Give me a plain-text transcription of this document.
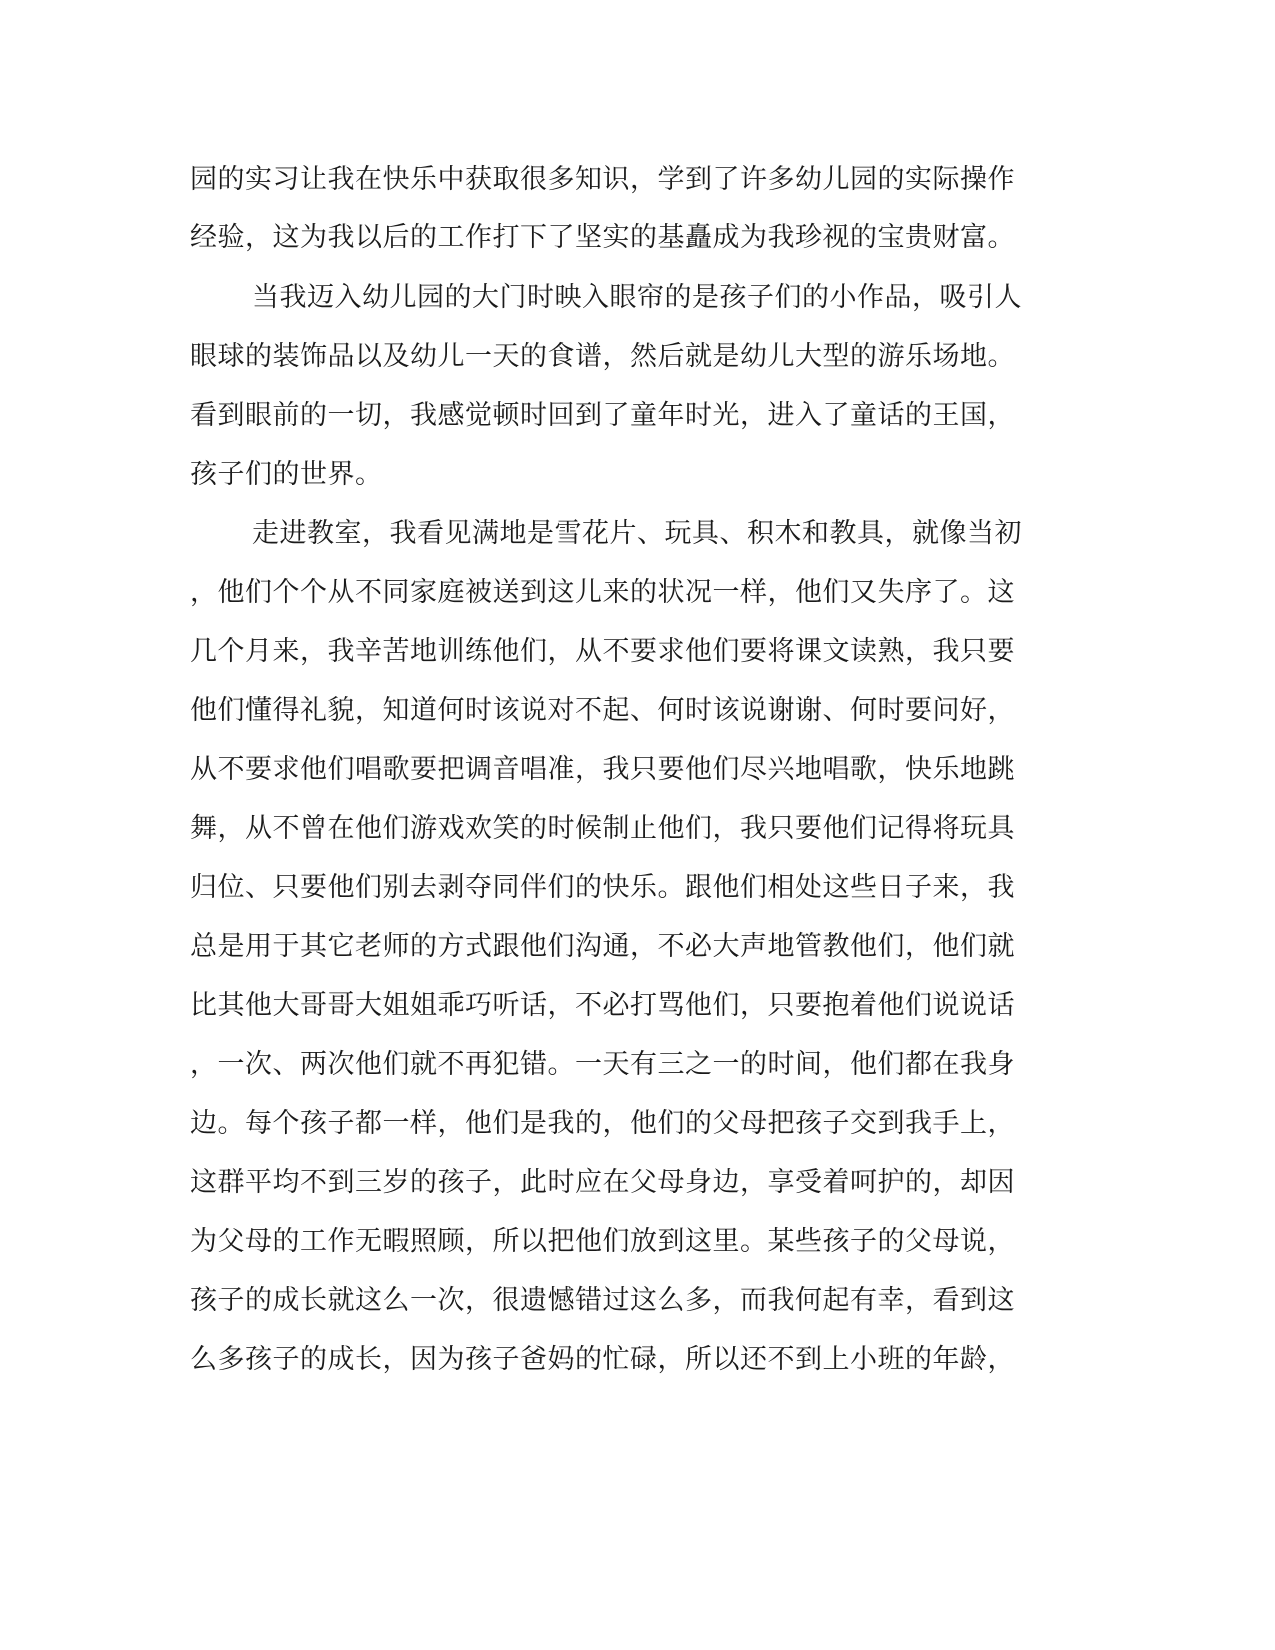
园的实习让我在快乐中获取很多知识，学到了许多幼儿园的实际操作
经验，这为我以后的工作打下了坚实的基矗成为我珍视的宝贵财富。
当我迈入幼儿园的大门时映入眼帘的是孩子们的小作品，吸引人
眼球的装饰品以及幼儿一天的食谱，然后就是幼儿大型的游乐场地。
看到眼前的一切，我感觉顿时回到了童年时光，进入了童话的王国，
孩子们的世界。
走进教室，我看见满地是雪花片、玩具、积木和教具，就像当初
，他们个个从不同家庭被送到这儿来的状况一样，他们又失序了。这
几个月来，我辛苦地训练他们，从不要求他们要将课文读熟，我只要
他们懂得礼貌，知道何时该说对不起、何时该说谢谢、何时要问好，
从不要求他们唱歌要把调音唱准，我只要他们尽兴地唱歌，快乐地跳
舞，从不曾在他们游戏欢笑的时候制止他们，我只要他们记得将玩具
归位、只要他们别去剥夺同伴们的快乐。跟他们相处这些日子来，我
总是用于其它老师的方式跟他们沟通，不必大声地管教他们，他们就
比其他大哥哥大姐姐乖巧听话，不必打骂他们，只要抱着他们说说话
，一次、两次他们就不再犯错。一天有三之一的时间，他们都在我身
边。每个孩子都一样，他们是我的，他们的父母把孩子交到我手上，
这群平均不到三岁的孩子，此时应在父母身边，享受着呵护的，却因
为父母的工作无暇照顾，所以把他们放到这里。某些孩子的父母说，
孩子的成长就这么一次，很遗憾错过这么多，而我何起有幸，看到这
么多孩子的成长，因为孩子爸妈的忙碌，所以还不到上小班的年龄，
